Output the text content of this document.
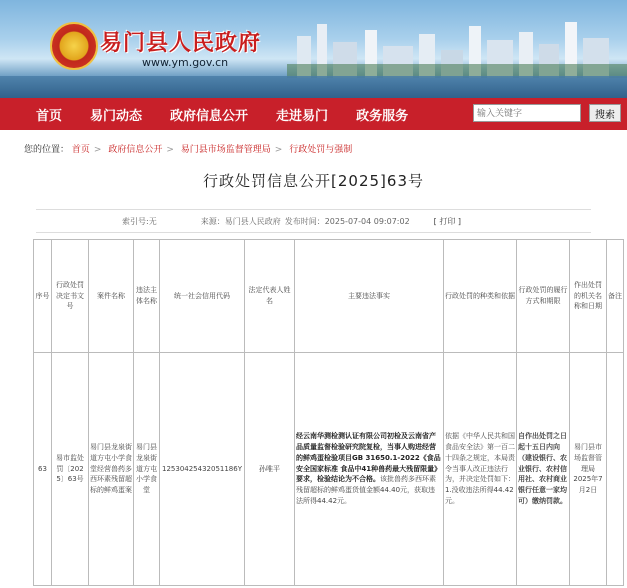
易门县人民政府
www.ym.gov.cn
首页 易门动态 政府信息公开 走进易门 政务服务
输入关键字	搜索
您的位置： 首页 > 政府信息公开 > 易门县市场监督管理局 > 行政处罚与强制
行政处罚信息公开[2025]63号
索引号:无	来源：易门县人民政府 发布时间：2025-07-04 09:07:02	[ 打印 ]
序号	行政处罚决定书文号	案件名称	违法主体名称	统一社会信用代码	法定代表人姓名	主要违法事实	行政处罚的种类和依据	行政处罚的履行方式和期限	作出处罚的机关名称和日期	备注
63	易市监处罚〔2025〕63号	易门县龙泉街道方屯小学食堂经营兽药多西环素残留超标的鲜鸡蛋案	易门县龙泉街道方屯小学食堂	12530425432051186Y	孙唯平	经云南华测检测认证有限公司初检及云南省产品质量监督检验研究院复检，当事人购进经营的鲜鸡蛋检验项目GB 31650.1-2022《食品安全国家标准 食品中41种兽药最大残留限量》要求，检验结论为不合格。该批兽药多西环素残留超标的鲜鸡蛋货值金额44.40元，获取违法所得44.42元。	依据《中华人民共和国食品安全法》第一百二十四条之规定，本局责令当事人改正违法行为，并决定处罚如下：1.没收违法所得44.42元。	自作出处罚之日起十五日内向（建设银行、农业银行、农村信用社、农村商业银行任意一家均可）缴纳罚款。	易门县市场监督管理局
2025年7月2日	
